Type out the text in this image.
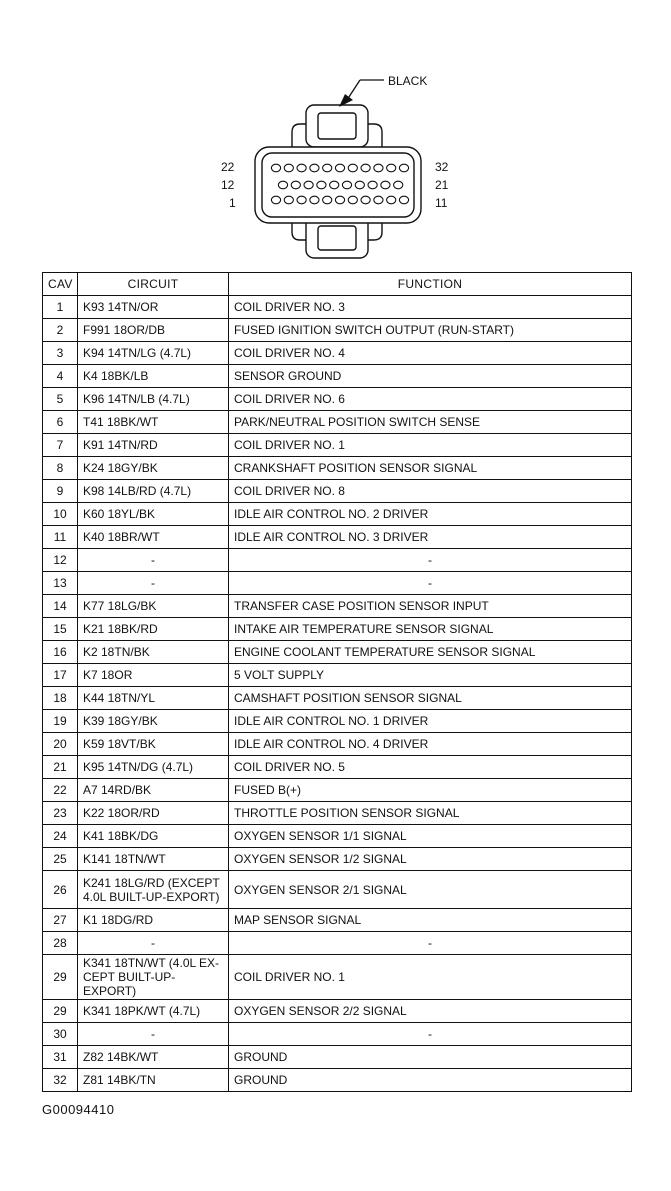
BLACK
22
12
1
32
21
11
CAV	CIRCUIT	FUNCTION
1	K93 14TN/OR	COIL DRIVER NO. 3
2	F991 18OR/DB	FUSED IGNITION SWITCH OUTPUT (RUN-START)
3	K94 14TN/LG (4.7L)	COIL DRIVER NO. 4
4	K4 18BK/LB	SENSOR GROUND
5	K96 14TN/LB (4.7L)	COIL DRIVER NO. 6
6	T41 18BK/WT	PARK/NEUTRAL POSITION SWITCH SENSE
7	K91 14TN/RD	COIL DRIVER NO. 1
8	K24 18GY/BK	CRANKSHAFT POSITION SENSOR SIGNAL
9	K98 14LB/RD (4.7L)	COIL DRIVER NO. 8
10	K60 18YL/BK	IDLE AIR CONTROL NO. 2 DRIVER
11	K40 18BR/WT	IDLE AIR CONTROL NO. 3 DRIVER
12	-	-
13	-	-
14	K77 18LG/BK	TRANSFER CASE POSITION SENSOR INPUT
15	K21 18BK/RD	INTAKE AIR TEMPERATURE SENSOR SIGNAL
16	K2 18TN/BK	ENGINE COOLANT TEMPERATURE SENSOR SIGNAL
17	K7 18OR	5 VOLT SUPPLY
18	K44 18TN/YL	CAMSHAFT POSITION SENSOR SIGNAL
19	K39 18GY/BK	IDLE AIR CONTROL NO. 1 DRIVER
20	K59 18VT/BK	IDLE AIR CONTROL NO. 4 DRIVER
21	K95 14TN/DG (4.7L)	COIL DRIVER NO. 5
22	A7 14RD/BK	FUSED B(+)
23	K22 18OR/RD	THROTTLE POSITION SENSOR SIGNAL
24	K41 18BK/DG	OXYGEN SENSOR 1/1 SIGNAL
25	K141 18TN/WT	OXYGEN SENSOR 1/2 SIGNAL
26	K241 18LG/RD (EXCEPT 4.0L BUILT-UP-EXPORT)	OXYGEN SENSOR 2/1 SIGNAL
27	K1 18DG/RD	MAP SENSOR SIGNAL
28	-	-
29	K341 18TN/WT (4.0L EX-CEPT BUILT-UP-EXPORT)	COIL DRIVER NO. 1
29	K341 18PK/WT (4.7L)	OXYGEN SENSOR 2/2 SIGNAL
30	-	-
31	Z82 14BK/WT	GROUND
32	Z81 14BK/TN	GROUND
G00094410
